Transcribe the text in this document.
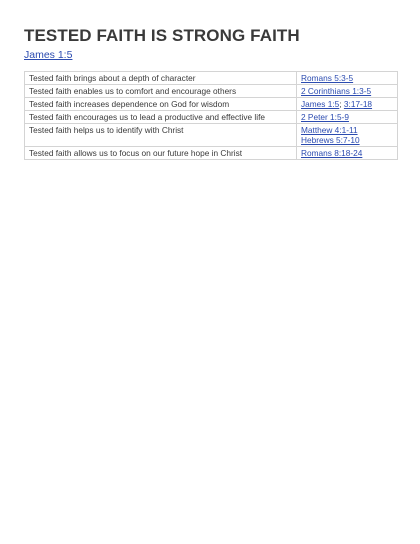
TESTED FAITH IS STRONG FAITH
James 1:5
Tested faith brings about a depth of character	Romans 5:3-5
Tested faith enables us to comfort and encourage others	2 Corinthians 1:3-5
Tested faith increases dependence on God for wisdom	James 1:5; 3:17-18
Tested faith encourages us to lead a productive and effective life	2 Peter 1:5-9
Tested faith helps us to identify with Christ	Matthew 4:1-11
Hebrews 5:7-10

Tested faith allows us to focus on our future hope in Christ	Romans 8:18-24
